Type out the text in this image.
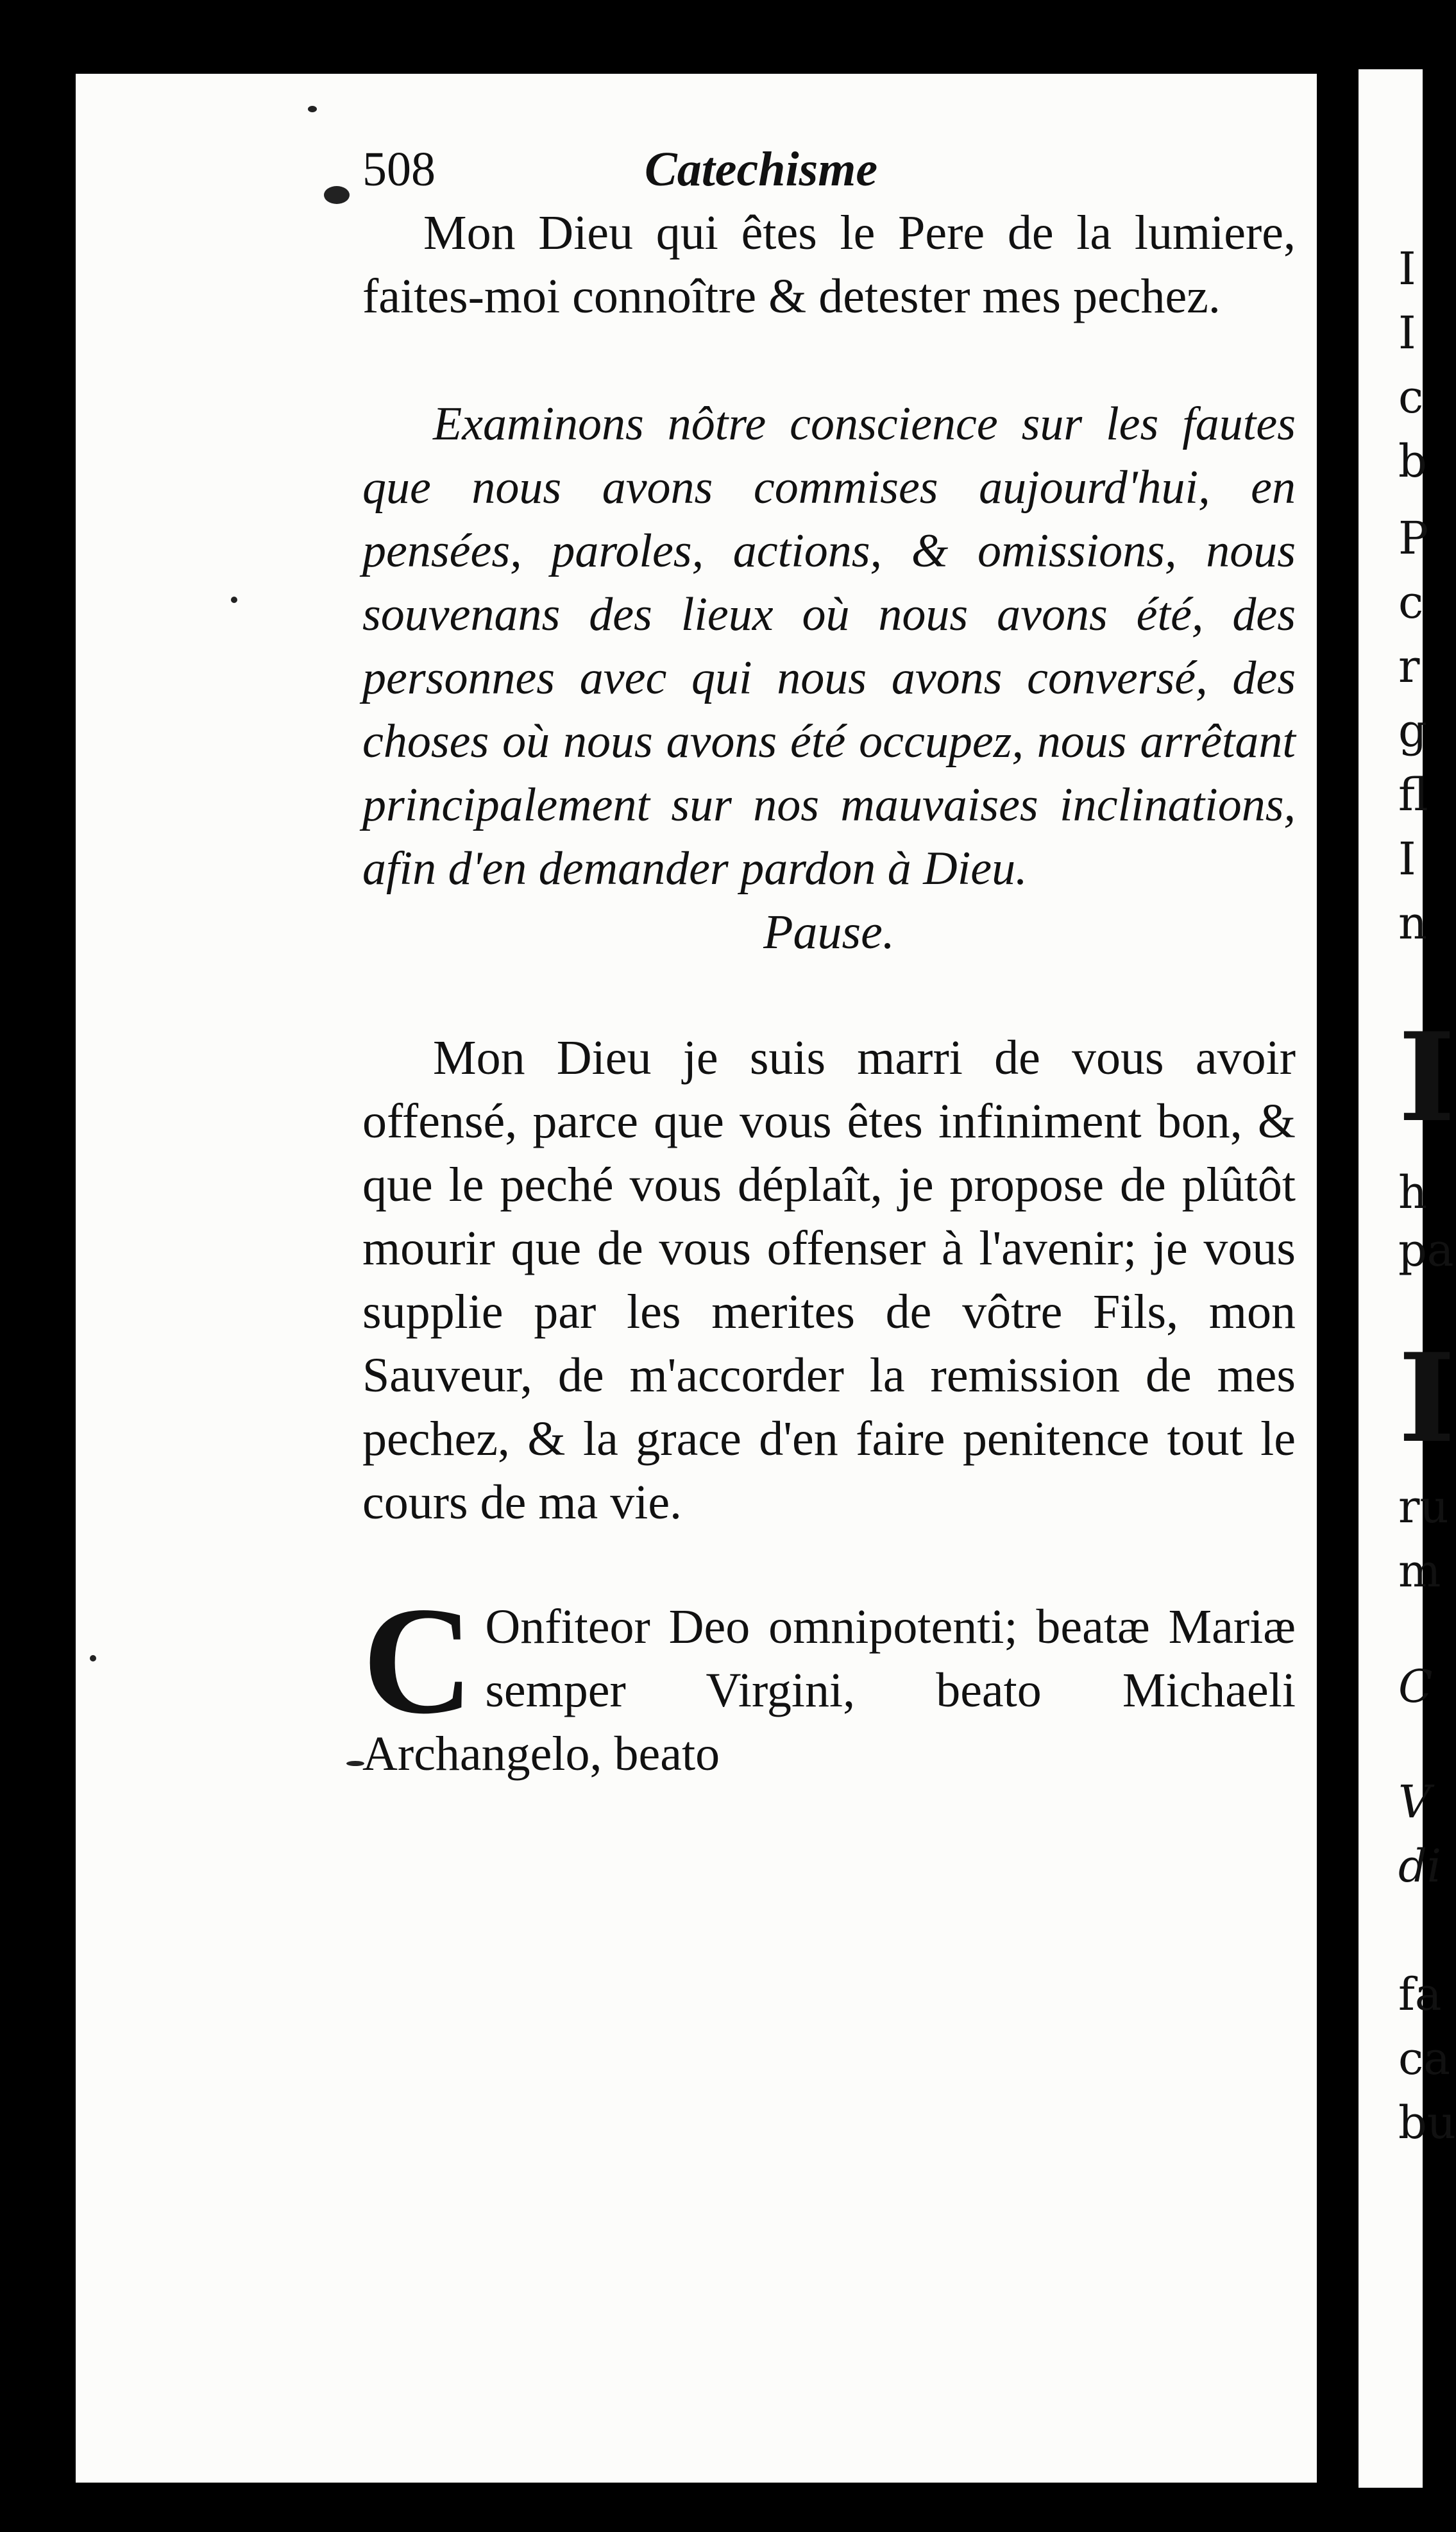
I
I
c
b
P
c
r
g
fl
I
n
I
h
pa
I
ru
m
C
V
di
fa
ca
bu
508	Catechisme

Mon Dieu qui êtes le Pere de la lumiere, faites-moi connoître & detester mes pechez.

Examinons nôtre conscience sur les fautes que nous avons commises aujourd'hui, en pensées, paroles, actions, & omissions, nous souvenans des lieux où nous avons été, des personnes avec qui nous avons conversé, des choses où nous avons été occupez, nous arrêtant principalement sur nos mauvaises inclinations, afin d'en demander pardon à Dieu.

Pause.

Mon Dieu je suis marri de vous avoir offensé, parce que vous êtes infiniment bon, & que le peché vous déplaît, je propose de plûtôt mourir que de vous offenser à l'avenir; je vous supplie par les merites de vôtre Fils, mon Sauveur, de m'accorder la remission de mes pechez, & la grace d'en faire penitence tout le cours de ma vie.

C Onfiteor Deo omnipotenti; beatæ Mariæ semper Virgini, beato Michaeli Archangelo, beato
